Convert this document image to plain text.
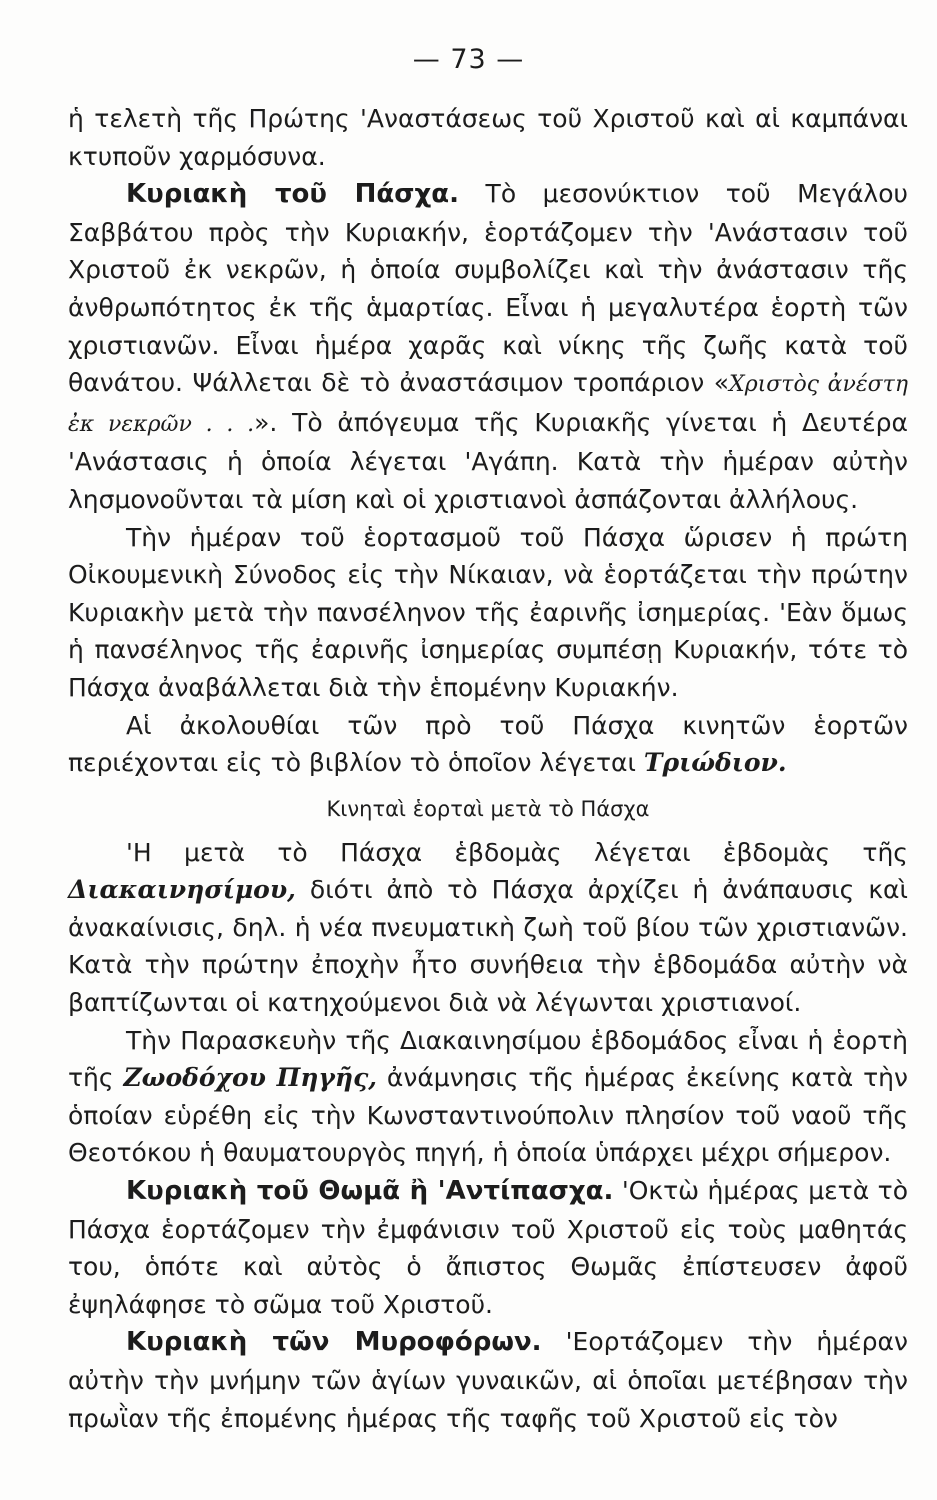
— 73 —

ἡ τελετὴ τῆς Πρώτης 'Αναστάσεως τοῦ Χριστοῦ καὶ αἱ καμπάναι κτυποῦν χαρμόσυνα.

Κυριακὴ τοῦ Πάσχα. Τὸ μεσονύκτιον τοῦ Μεγάλου Σαββάτου πρὸς τὴν Κυριακήν, ἑορτάζομεν τὴν 'Ανάστασιν τοῦ Χριστοῦ ἐκ νεκρῶν, ἡ ὁποία συμβολίζει καὶ τὴν ἀνάστασιν τῆς ἀνθρωπότητος ἐκ τῆς ἁμαρτίας. Εἶναι ἡ μεγαλυτέρα ἑορτὴ τῶν χριστιανῶν. Εἶναι ἡμέρα χαρᾶς καὶ νίκης τῆς ζωῆς κατὰ τοῦ θανάτου. Ψάλλεται δὲ τὸ ἀναστάσιμον τροπάριον «Χριστὸς ἀνέστη ἐκ νεκρῶν . . .». Τὸ ἀπόγευμα τῆς Κυριακῆς γίνεται ἡ Δευτέρα 'Ανάστασις ἡ ὁποία λέγεται 'Αγάπη. Κατὰ τὴν ἡμέραν αὐτὴν λησμονοῦνται τὰ μίση καὶ οἱ χριστιανοὶ ἀσπάζονται ἀλλήλους.

Τὴν ἡμέραν τοῦ ἑορτασμοῦ τοῦ Πάσχα ὥρισεν ἡ πρώτη Οἰκουμενικὴ Σύνοδος εἰς τὴν Νίκαιαν, νὰ ἑορτάζεται τὴν πρώτην Κυριακὴν μετὰ τὴν πανσέληνον τῆς ἐαρινῆς ἰσημερίας. 'Εὰν ὅμως ἡ πανσέληνος τῆς ἐαρινῆς ἰσημερίας συμπέσῃ Κυριακήν, τότε τὸ Πάσχα ἀναβάλλεται διὰ τὴν ἑπομένην Κυριακήν.

Αἱ ἀκολουθίαι τῶν πρὸ τοῦ Πάσχα κινητῶν ἑορτῶν περιέχονται εἰς τὸ βιβλίον τὸ ὁποῖον λέγεται Τριώδιον.

Κινηταὶ ἑορταὶ μετὰ τὸ Πάσχα

'Η μετὰ τὸ Πάσχα ἑβδομὰς λέγεται ἑβδομὰς τῆς Διακαινησίμου, διότι ἀπὸ τὸ Πάσχα ἀρχίζει ἡ ἀνάπαυσις καὶ ἀνακαίνισις, δηλ. ἡ νέα πνευματικὴ ζωὴ τοῦ βίου τῶν χριστιανῶν. Κατὰ τὴν πρώτην ἐποχὴν ἦτο συνήθεια τὴν ἑβδομάδα αὐτὴν νὰ βαπτίζωνται οἱ κατηχούμενοι διὰ νὰ λέγωνται χριστιανοί.

Τὴν Παρασκευὴν τῆς Διακαινησίμου ἑβδομάδος εἶναι ἡ ἑορτὴ τῆς Ζωοδόχου Πηγῆς, ἀνάμνησις τῆς ἡμέρας ἐκείνης κατὰ τὴν ὁποίαν εὑρέθη εἰς τὴν Κωνσταντινούπολιν πλησίον τοῦ ναοῦ τῆς Θεοτόκου ἡ θαυματουργὸς πηγή, ἡ ὁποία ὑπάρχει μέχρι σήμερον.

Κυριακὴ τοῦ Θωμᾶ ἢ 'Αντίπασχα. 'Οκτὼ ἡμέρας μετὰ τὸ Πάσχα ἑορτάζομεν τὴν ἐμφάνισιν τοῦ Χριστοῦ εἰς τοὺς μαθητάς του, ὁπότε καὶ αὐτὸς ὁ ἄπιστος Θωμᾶς ἐπίστευσεν ἀφοῦ ἐψηλάφησε τὸ σῶμα τοῦ Χριστοῦ.

Κυριακὴ τῶν Μυροφόρων. 'Εορτάζομεν τὴν ἡμέραν αὐτὴν τὴν μνήμην τῶν ἁγίων γυναικῶν, αἱ ὁποῖαι μετέβησαν τὴν πρωῒαν τῆς ἐπομένης ἡμέρας τῆς ταφῆς τοῦ Χριστοῦ εἰς τὸν
